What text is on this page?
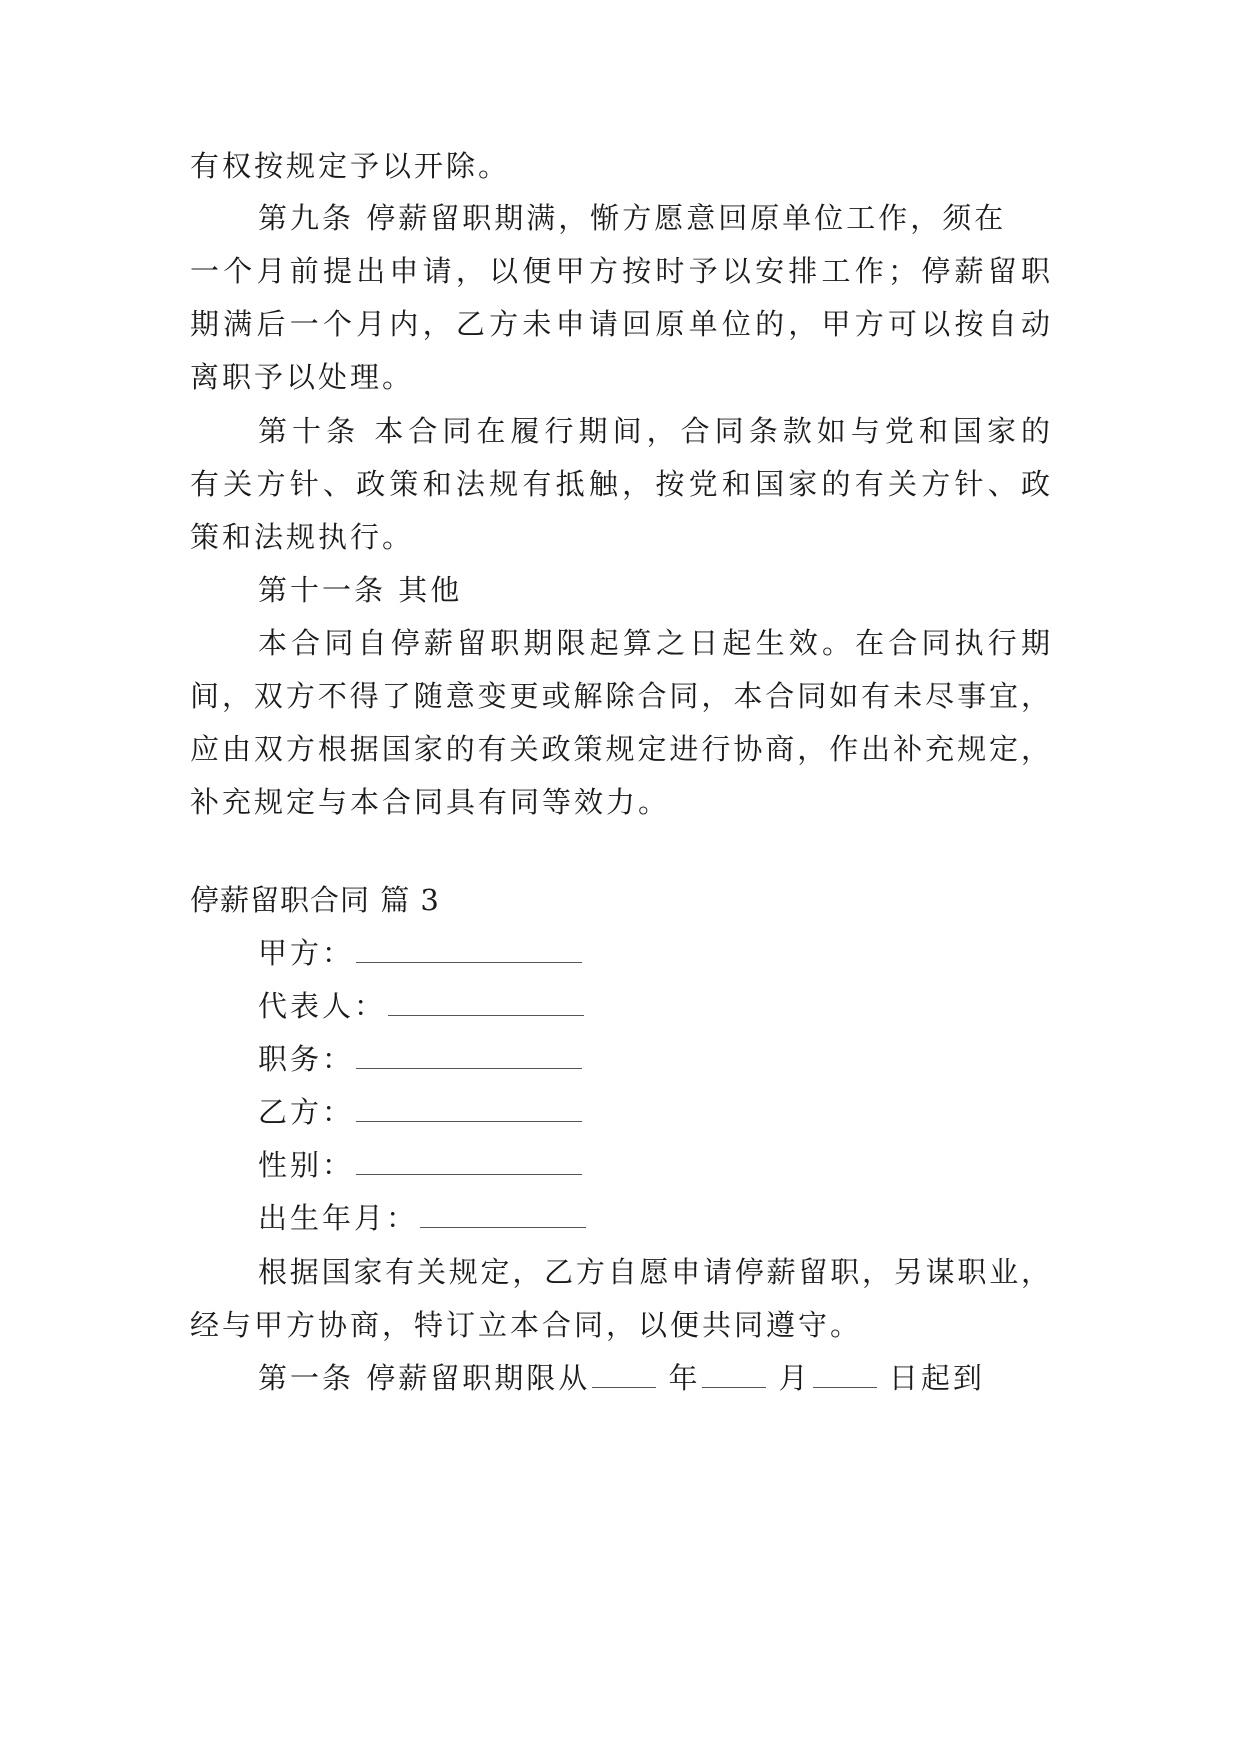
有权按规定予以开除。
第九条 停薪留职期满，惭方愿意回原单位工作，须在
一个月前提出申请，以便甲方按时予以安排工作；停薪留职
期满后一个月内，乙方未申请回原单位的，甲方可以按自动
离职予以处理。
第十条 本合同在履行期间，合同条款如与党和国家的
有关方针、政策和法规有抵触，按党和国家的有关方针、政
策和法规执行。
第十一条 其他
本合同自停薪留职期限起算之日起生效。在合同执行期
间，双方不得了随意变更或解除合同，本合同如有未尽事宜，
应由双方根据国家的有关政策规定进行协商，作出补充规定，
补充规定与本合同具有同等效力。
停薪留职合同 篇 3
甲方：
代表人：
职务：
乙方：
性别：
出生年月：
根据国家有关规定，乙方自愿申请停薪留职，另谋职业，
经与甲方协商，特订立本合同，以便共同遵守。
第一条 停薪留职期限从	年	月	日起到
